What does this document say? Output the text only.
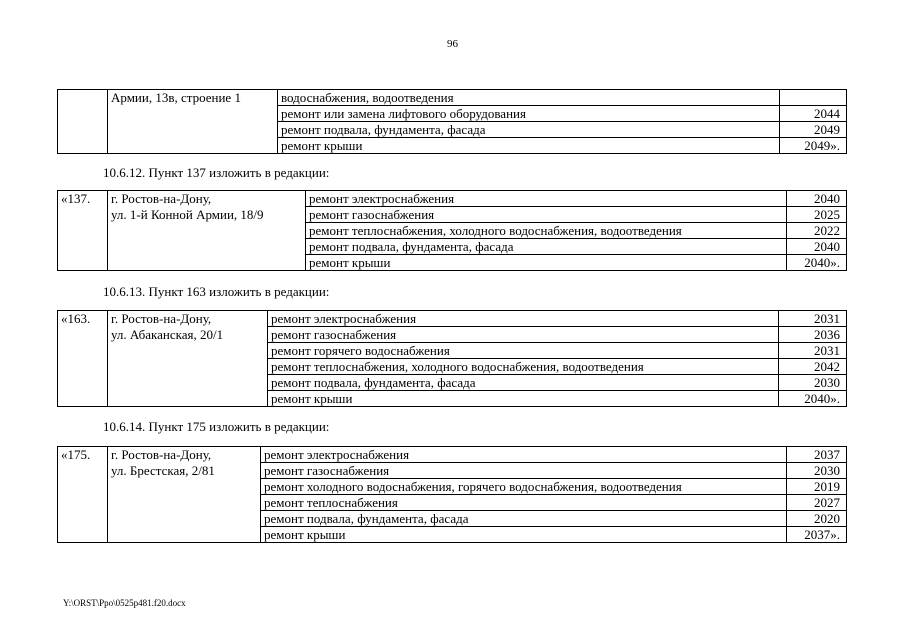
96
	Армии, 13в, строение 1	водоснабжения, водоотведения	
		ремонт или замена лифтового оборудования	2044
		ремонт подвала, фундамента, фасада	2049
		ремонт крыши	2049».
10.6.12. Пункт 137 изложить в редакции:
«137.	г. Ростов-на-Дону,
ул. 1-й Конной Армии, 18/9	ремонт электроснабжения	2040
		ремонт газоснабжения	2025
		ремонт теплоснабжения, холодного водоснабжения, водоотведения	2022
		ремонт подвала, фундамента, фасада	2040
		ремонт крыши	2040».
10.6.13. Пункт 163 изложить в редакции:
«163.	г. Ростов-на-Дону,
ул. Абаканская, 20/1	ремонт электроснабжения	2031
		ремонт газоснабжения	2036
		ремонт горячего водоснабжения	2031
		ремонт теплоснабжения, холодного водоснабжения, водоотведения	2042
		ремонт подвала, фундамента, фасада	2030
		ремонт крыши	2040».
10.6.14. Пункт 175 изложить в редакции:
«175.	г. Ростов-на-Дону,
ул. Брестская, 2/81	ремонт электроснабжения	2037
		ремонт газоснабжения	2030
		ремонт холодного водоснабжения, горячего водоснабжения, водоотведения	2019
		ремонт теплоснабжения	2027
		ремонт подвала, фундамента, фасада	2020
		ремонт крыши	2037».
Y:\ORST\Ppo\0525p481.f20.docx
